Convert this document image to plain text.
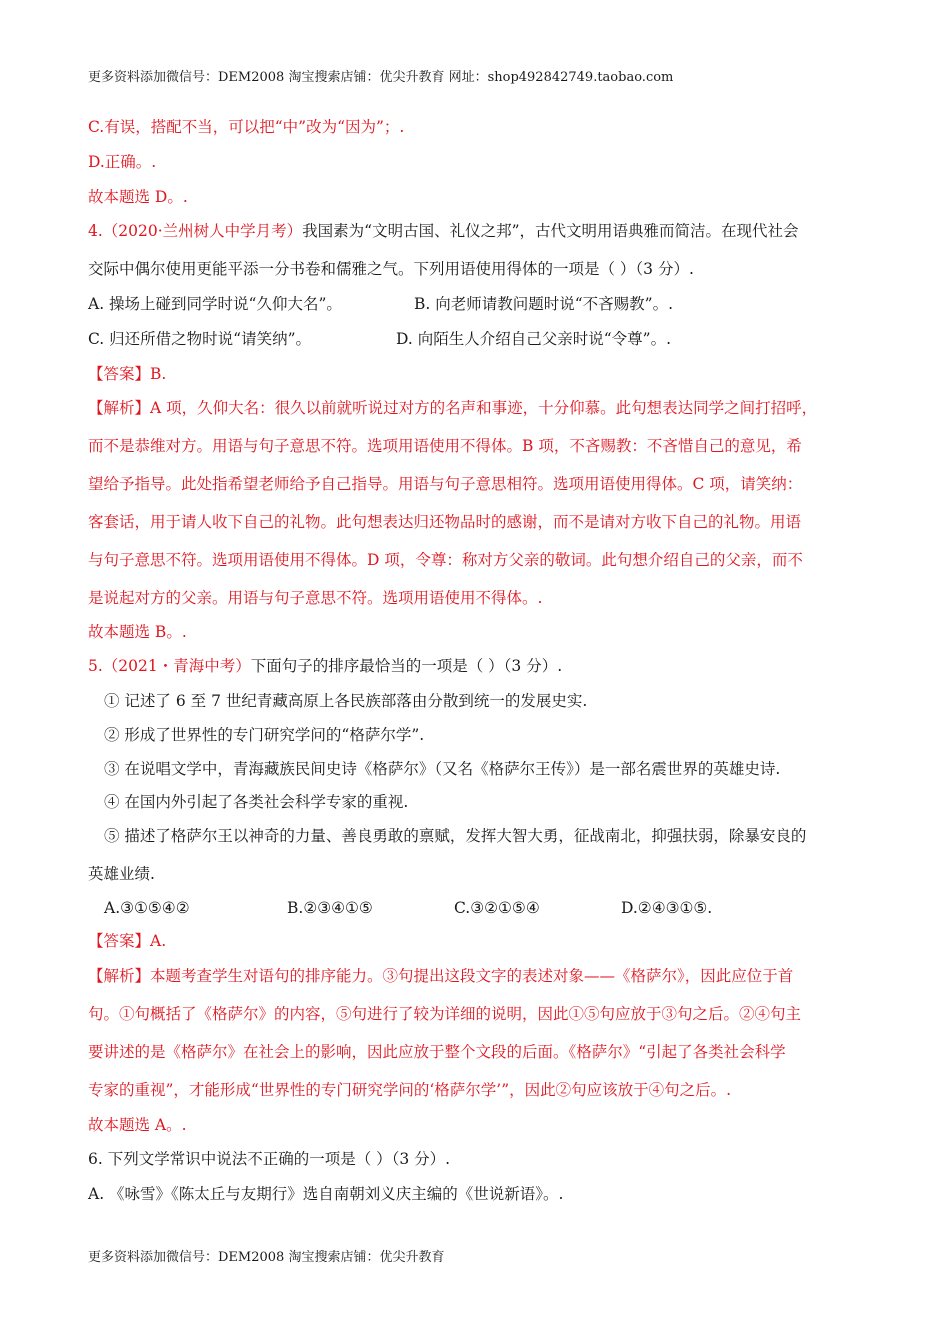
更多资料添加微信号：DEM2008 淘宝搜索店铺：优尖升教育 网址：shop492842749.taobao.com
C.有误，搭配不当，可以把“中”改为“因为”；.
D.正确。.
故本题选 D。.
4.（2020·兰州树人中学月考）我国素为“文明古国、礼仪之邦”，古代文明用语典雅而简洁。在现代社会
交际中偶尔使用更能平添一分书卷和儒雅之气。下列用语使用得体的一项是（ ）（3 分）.
A. 操场上碰到同学时说“久仰大名”。	B. 向老师请教问题时说“不吝赐教”。.
C. 归还所借之物时说“请笑纳”。	D. 向陌生人介绍自己父亲时说“令尊”。.
【答案】B.
【解析】A 项，久仰大名：很久以前就听说过对方的名声和事迹，十分仰慕。此句想表达同学之间打招呼，
而不是恭维对方。用语与句子意思不符。选项用语使用不得体。B 项，不吝赐教：不吝惜自己的意见，希
望给予指导。此处指希望老师给予自己指导。用语与句子意思相符。选项用语使用得体。C 项，请笑纳：
客套话，用于请人收下自己的礼物。此句想表达归还物品时的感谢，而不是请对方收下自己的礼物。用语
与句子意思不符。选项用语使用不得体。D 项，令尊：称对方父亲的敬词。此句想介绍自己的父亲，而不
是说起对方的父亲。用语与句子意思不符。选项用语使用不得体。.
故本题选 B。.
5.（2021・青海中考）下面句子的排序最恰当的一项是（ ）（3 分）.
① 记述了 6 至 7 世纪青藏高原上各民族部落由分散到统一的发展史实.
② 形成了世界性的专门研究学问的“格萨尔学”.
③ 在说唱文学中，青海藏族民间史诗《格萨尔》（又名《格萨尔王传》）是一部名震世界的英雄史诗.
④ 在国内外引起了各类社会科学专家的重视.
⑤ 描述了格萨尔王以神奇的力量、善良勇敢的禀赋，发挥大智大勇，征战南北，抑强扶弱，除暴安良的
英雄业绩.
A.③①⑤④②	B.②③④①⑤	C.③②①⑤④	D.②④③①⑤.
【答案】A.
【解析】本题考查学生对语句的排序能力。③句提出这段文字的表述对象——《格萨尔》，因此应位于首
句。①句概括了《格萨尔》的内容，⑤句进行了较为详细的说明，因此①⑤句应放于③句之后。②④句主
要讲述的是《格萨尔》在社会上的影响，因此应放于整个文段的后面。《格萨尔》“引起了各类社会科学
专家的重视”，才能形成“世界性的专门研究学问的‘格萨尔学’”，因此②句应该放于④句之后。.
故本题选 A。.
6. 下列文学常识中说法不正确的一项是（ ）（3 分）.
A. 《咏雪》《陈太丘与友期行》选自南朝刘义庆主编的《世说新语》。.
更多资料添加微信号：DEM2008 淘宝搜索店铺：优尖升教育
